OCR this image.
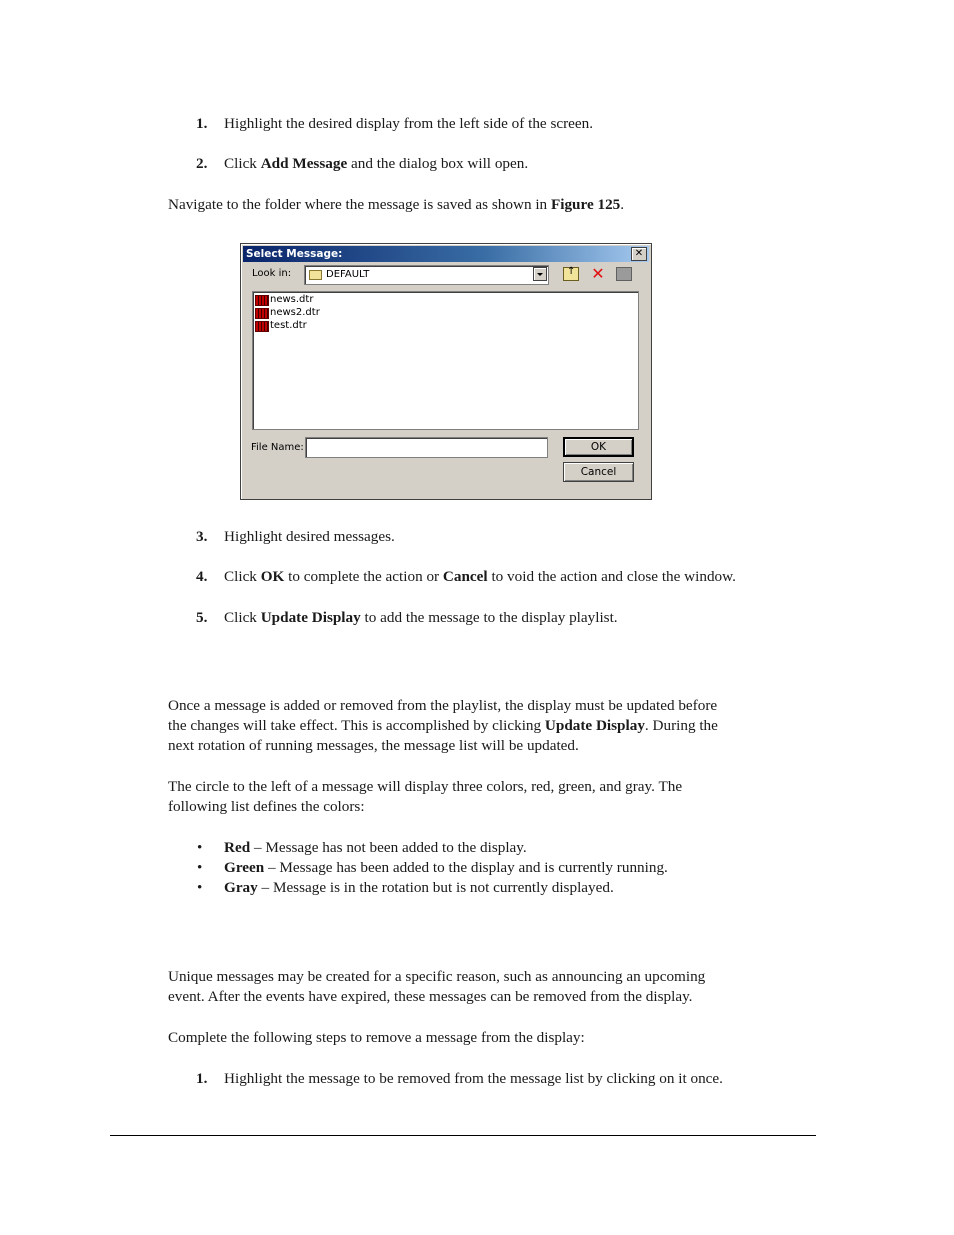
1. Highlight the desired display from the left side of the screen.
2. Click Add Message and the dialog box will open.
Navigate to the folder where the message is saved as shown in Figure 125.
Select Message:	✕
Look in:	DEFAULT
↑	✕
news.dtr
news2.dtr
test.dtr
File Name:	OK
Cancel
3. Highlight desired messages.
4. Click OK to complete the action or Cancel to void the action and close the window.
5. Click Update Display to add the message to the display playlist.
Once a message is added or removed from the playlist, the display must be updated before
the changes will take effect. This is accomplished by clicking Update Display. During the
next rotation of running messages, the message list will be updated.
The circle to the left of a message will display three colors, red, green, and gray. The
following list defines the colors:
• Red – Message has not been added to the display.
• Green – Message has been added to the display and is currently running.
• Gray – Message is in the rotation but is not currently displayed.
Unique messages may be created for a specific reason, such as announcing an upcoming
event. After the events have expired, these messages can be removed from the display.
Complete the following steps to remove a message from the display:
1. Highlight the message to be removed from the message list by clicking on it once.
